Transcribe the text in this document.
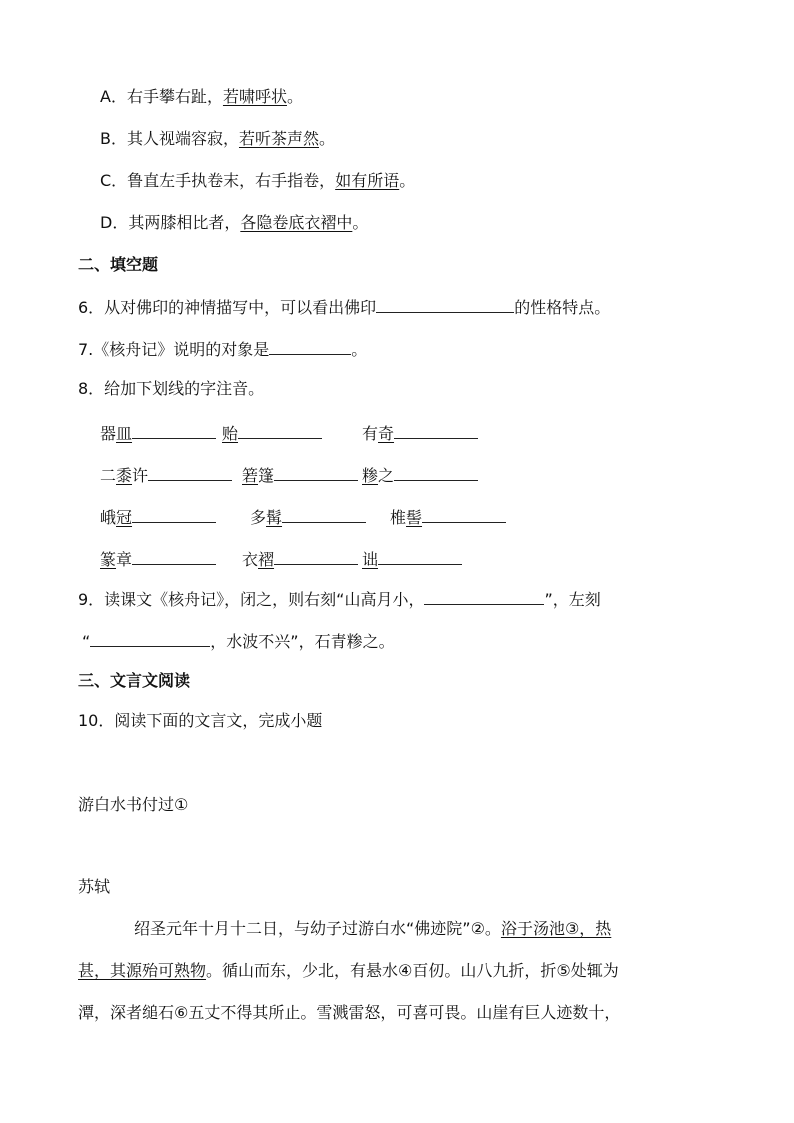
A．右手攀右趾，若啸呼状。
B．其人视端容寂，若听茶声然。
C．鲁直左手执卷末，右手指卷，如有所语。
D．其两膝相比者，各隐卷底衣褶中。
二、填空题
6．从对佛印的神情描写中，可以看出佛印	的性格特点。
7.《核舟记》说明的对象是	。
8．给加下划线的字注音。
器皿	贻	有奇
二黍许	箬篷	糁之
峨冠	多髯	椎髻
篆章	衣褶	诎
9．读课文《核舟记》，闭之，则右刻“山高月小，	”，左刻
“	，水波不兴”，石青糁之。
三、文言文阅读
10．阅读下面的文言文，完成小题
游白水书付过①
苏轼
绍圣元年十月十二日，与幼子过游白水“佛迹院”②。浴于汤池③，热
甚，其源殆可熟物。循山而东，少北，有悬水④百仞。山八九折，折⑤处辄为
潭，深者缒石⑥五丈不得其所止。雪溅雷怒，可喜可畏。山崖有巨人迹数十，
